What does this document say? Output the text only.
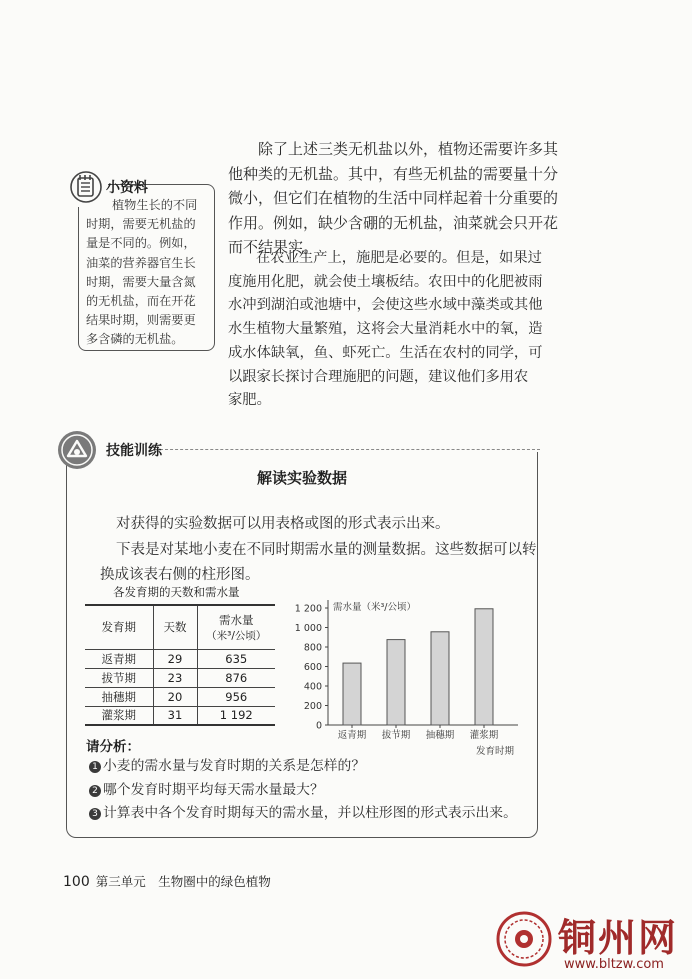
小资料
植物生长的不同
时期，需要无机盐的
量是不同的。例如，
油菜的营养器官生长
时期，需要大量含氮
的无机盐，而在开花
结果时期，则需要更
多含磷的无机盐。
除了上述三类无机盐以外，植物还需要许多其
他种类的无机盐。其中，有些无机盐的需要量十分
微小，但它们在植物的生活中同样起着十分重要的
作用。例如，缺少含硼的无机盐，油菜就会只开花
而不结果实。
在农业生产上，施肥是必要的。但是，如果过
度施用化肥，就会使土壤板结。农田中的化肥被雨
水冲到湖泊或池塘中，会使这些水域中藻类或其他
水生植物大量繁殖，这将会大量消耗水中的氧，造
成水体缺氧，鱼、虾死亡。生活在农村的同学，可
以跟家长探讨合理施肥的问题，建议他们多用农
家肥。
技能训练
解读实验数据
对获得的实验数据可以用表格或图的形式表示出来。
下表是对某地小麦在不同时期需水量的测量数据。这些数据可以转
换成该表右侧的柱形图。
各发育期的天数和需水量
发育期	天数	需水量
（米³/公顷）

返青期	29	635
拔节期	23	876
抽穗期	20	956
灌浆期	31	1 192
0
200
400
600
800
1 000
1 200 需水量（米³/公顷）
返青期 拔节期 抽穗期 灌浆期
发育时期
请分析：
1 小麦的需水量与发育时期的关系是怎样的？
2 哪个发育时期平均每天需水量最大？
3 计算表中各个发育时期每天的需水量，并以柱形图的形式表示出来。
100 第三单元　生物圈中的绿色植物
铜州网
www.bltzw.com
